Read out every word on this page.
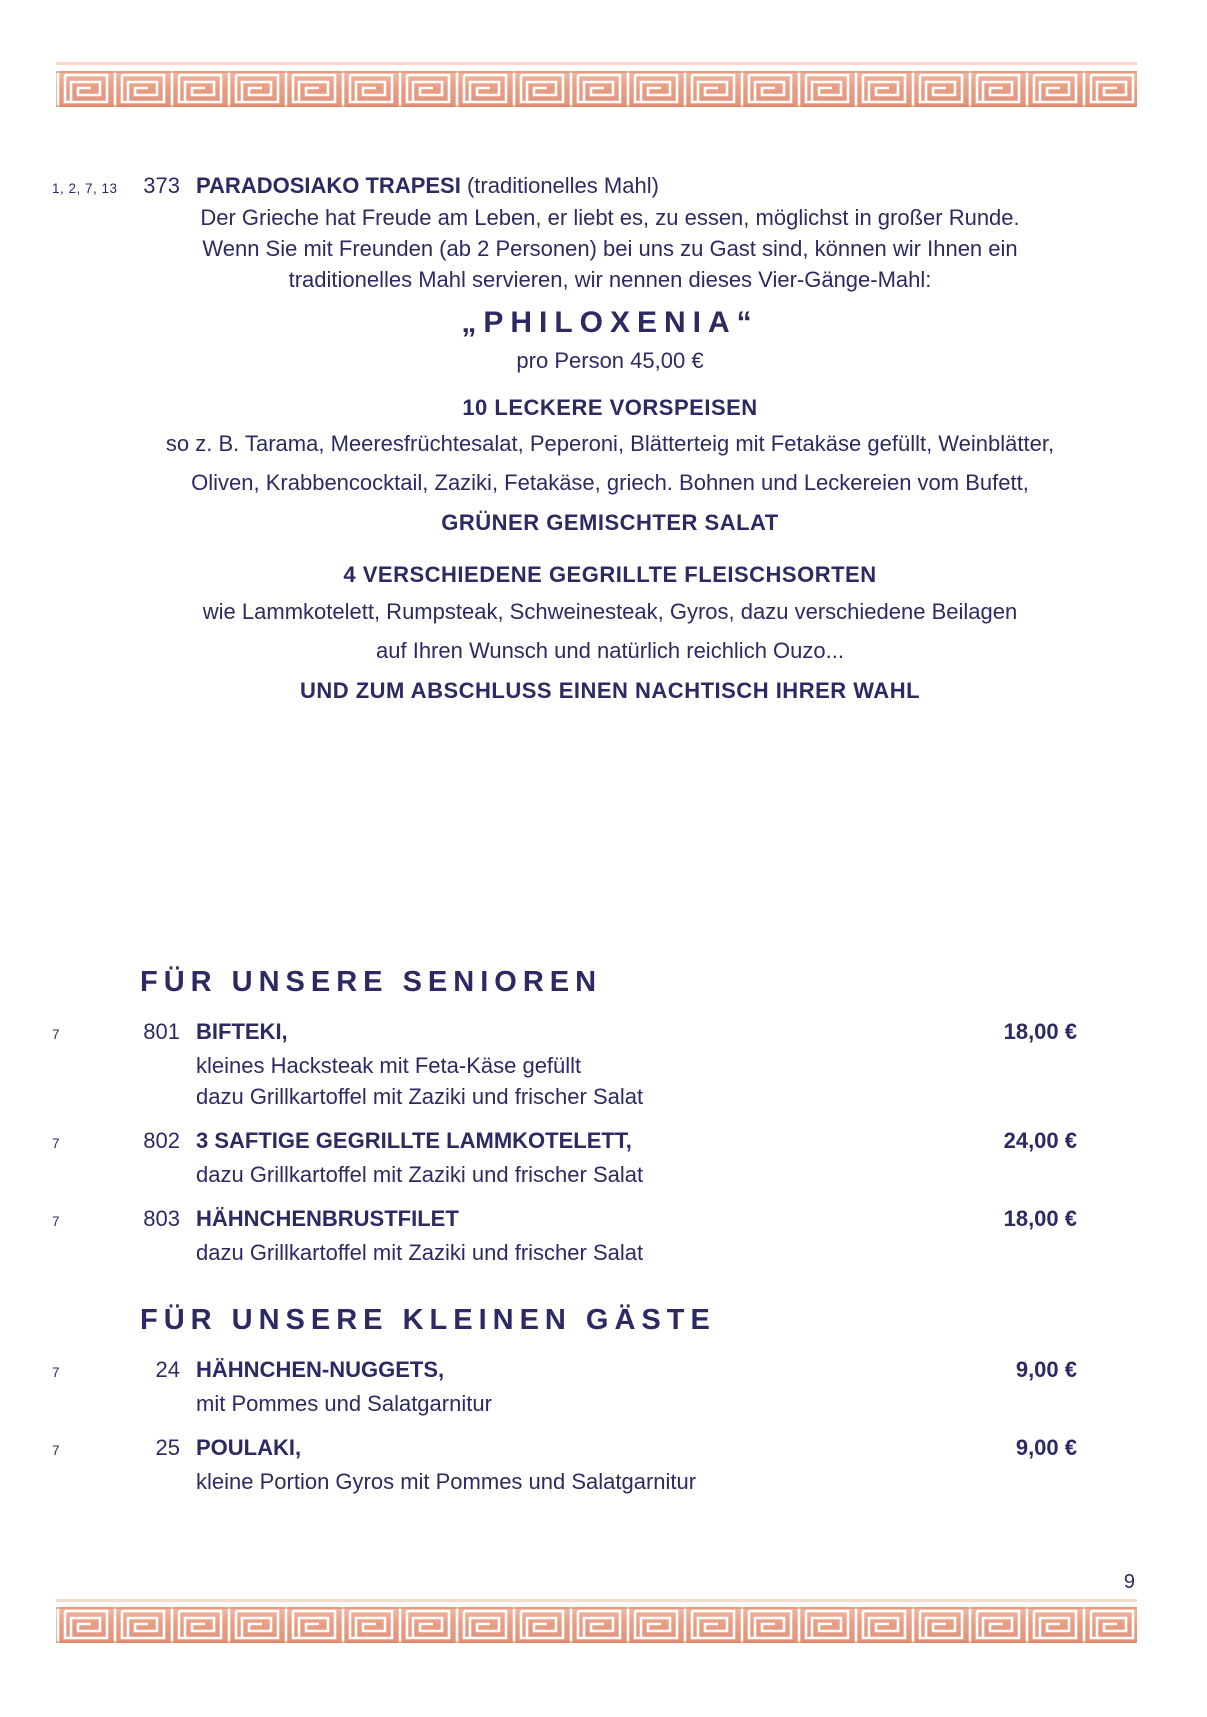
1, 2, 7, 13	373 PARADOSIAKO TRAPESI (traditionelles Mahl)
Der Grieche hat Freude am Leben, er liebt es, zu essen, möglichst in großer Runde.
Wenn Sie mit Freunden (ab 2 Personen) bei uns zu Gast sind, können wir Ihnen ein
traditionelles Mahl servieren, wir nennen dieses Vier-Gänge-Mahl:
„PHILOXENIA“
pro Person 45,00 €
10 LECKERE VORSPEISEN
so z. B. Tarama, Meeresfrüchtesalat, Peperoni, Blätterteig mit Fetakäse gefüllt, Weinblätter,
Oliven, Krabbencocktail, Zaziki, Fetakäse, griech. Bohnen und Leckereien vom Bufett,
GRÜNER GEMISCHTER SALAT
4 VERSCHIEDENE GEGRILLTE FLEISCHSORTEN
wie Lammkotelett, Rumpsteak, Schweinesteak, Gyros, dazu verschiedene Beilagen
auf Ihren Wunsch und natürlich reichlich Ouzo...
UND ZUM ABSCHLUSS EINEN NACHTISCH IHRER WAHL
FÜR UNSERE SENIOREN
7	801 BIFTEKI,	18,00 €
kleines Hacksteak mit Feta-Käse gefüllt
dazu Grillkartoffel mit Zaziki und frischer Salat
7	802 3 SAFTIGE GEGRILLTE LAMMKOTELETT,	24,00 €
dazu Grillkartoffel mit Zaziki und frischer Salat
7	803 HÄHNCHENBRUSTFILET	18,00 €
dazu Grillkartoffel mit Zaziki und frischer Salat
FÜR UNSERE KLEINEN GÄSTE
7	24 HÄHNCHEN-NUGGETS,	9,00 €
mit Pommes und Salatgarnitur
7	25 POULAKI,	9,00 €
kleine Portion Gyros mit Pommes und Salatgarnitur
9
